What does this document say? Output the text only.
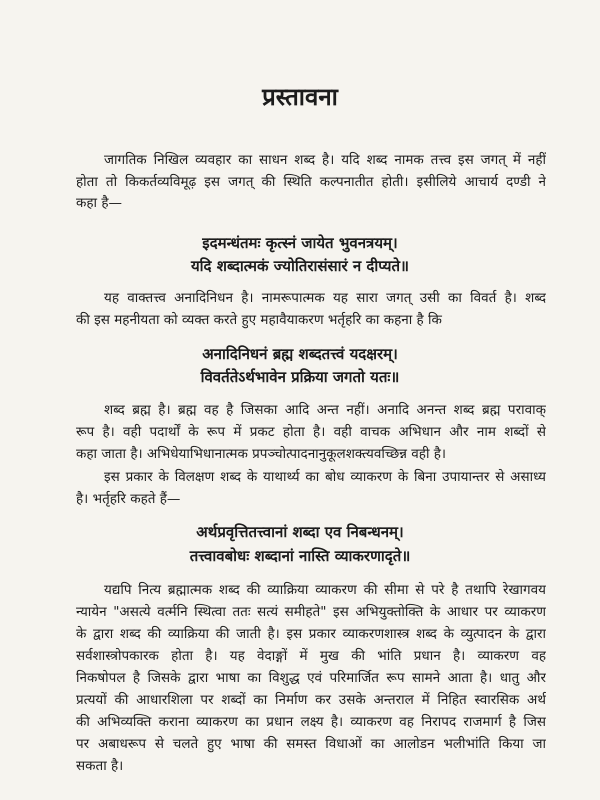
प्रस्तावना
जागतिक निखिल व्यवहार का साधन शब्द है। यदि शब्द नामक तत्त्व इस जगत् में नहीं
होता तो किकर्तव्यविमूढ़ इस जगत् की स्थिति कल्पनातीत होती। इसीलिये आचार्य दण्डी ने
कहा है—
इदमन्धंतमः कृत्स्नं जायेत भुवनत्रयम्।
यदि शब्दात्मकं ज्योतिरासंसारं न दीप्यते॥
यह वाक्तत्त्व अनादिनिधन है। नामरूपात्मक यह सारा जगत् उसी का विवर्त है। शब्द
की इस महनीयता को व्यक्त करते हुए महावैयाकरण भर्तृहरि का कहना है कि
अनादिनिधनं ब्रह्म शब्दतत्त्वं यदक्षरम्।
विवर्ततेऽर्थभावेन प्रक्रिया जगतो यतः॥
शब्द ब्रह्म है। ब्रह्म वह है जिसका आदि अन्त नहीं। अनादि अनन्त शब्द ब्रह्म परावाक्
रूप है। वही पदार्थों के रूप में प्रकट होता है। वही वाचक अभिधान और नाम शब्दों से
कहा जाता है। अभिधेयाभिधानात्मक प्रपञ्चोत्पादनानुकूलशक्त्यवच्छिन्न वही है।
इस प्रकार के विलक्षण शब्द के याथार्थ्य का बोध व्याकरण के बिना उपायान्तर से असाध्य
है। भर्तृहरि कहते हैं—
अर्थप्रवृत्तितत्त्वानां शब्दा एव निबन्धनम्।
तत्त्वावबोधः शब्दानां नास्ति व्याकरणादृते॥
यद्यपि नित्य ब्रह्मात्मक शब्द की व्याक्रिया व्याकरण की सीमा से परे है तथापि रेखागवय
न्यायेन "असत्ये वर्त्मनि स्थित्वा ततः सत्यं समीहते" इस अभियुक्तोक्ति के आधार पर व्याकरण
के द्वारा शब्द की व्याक्रिया की जाती है। इस प्रकार व्याकरणशास्त्र शब्द के व्युत्पादन के द्वारा
सर्वशास्त्रोपकारक होता है। यह वेदाङ्गों में मुख की भांति प्रधान है। व्याकरण वह
निकषोपल है जिसके द्वारा भाषा का विशुद्ध एवं परिमार्जित रूप सामने आता है। धातु और
प्रत्ययों की आधारशिला पर शब्दों का निर्माण कर उसके अन्तराल में निहित स्वारसिक अर्थ
की अभिव्यक्ति कराना व्याकरण का प्रधान लक्ष्य है। व्याकरण वह निरापद राजमार्ग है जिस
पर अबाधरूप से चलते हुए भाषा की समस्त विधाओं का आलोडन भलीभांति किया जा
सकता है।
